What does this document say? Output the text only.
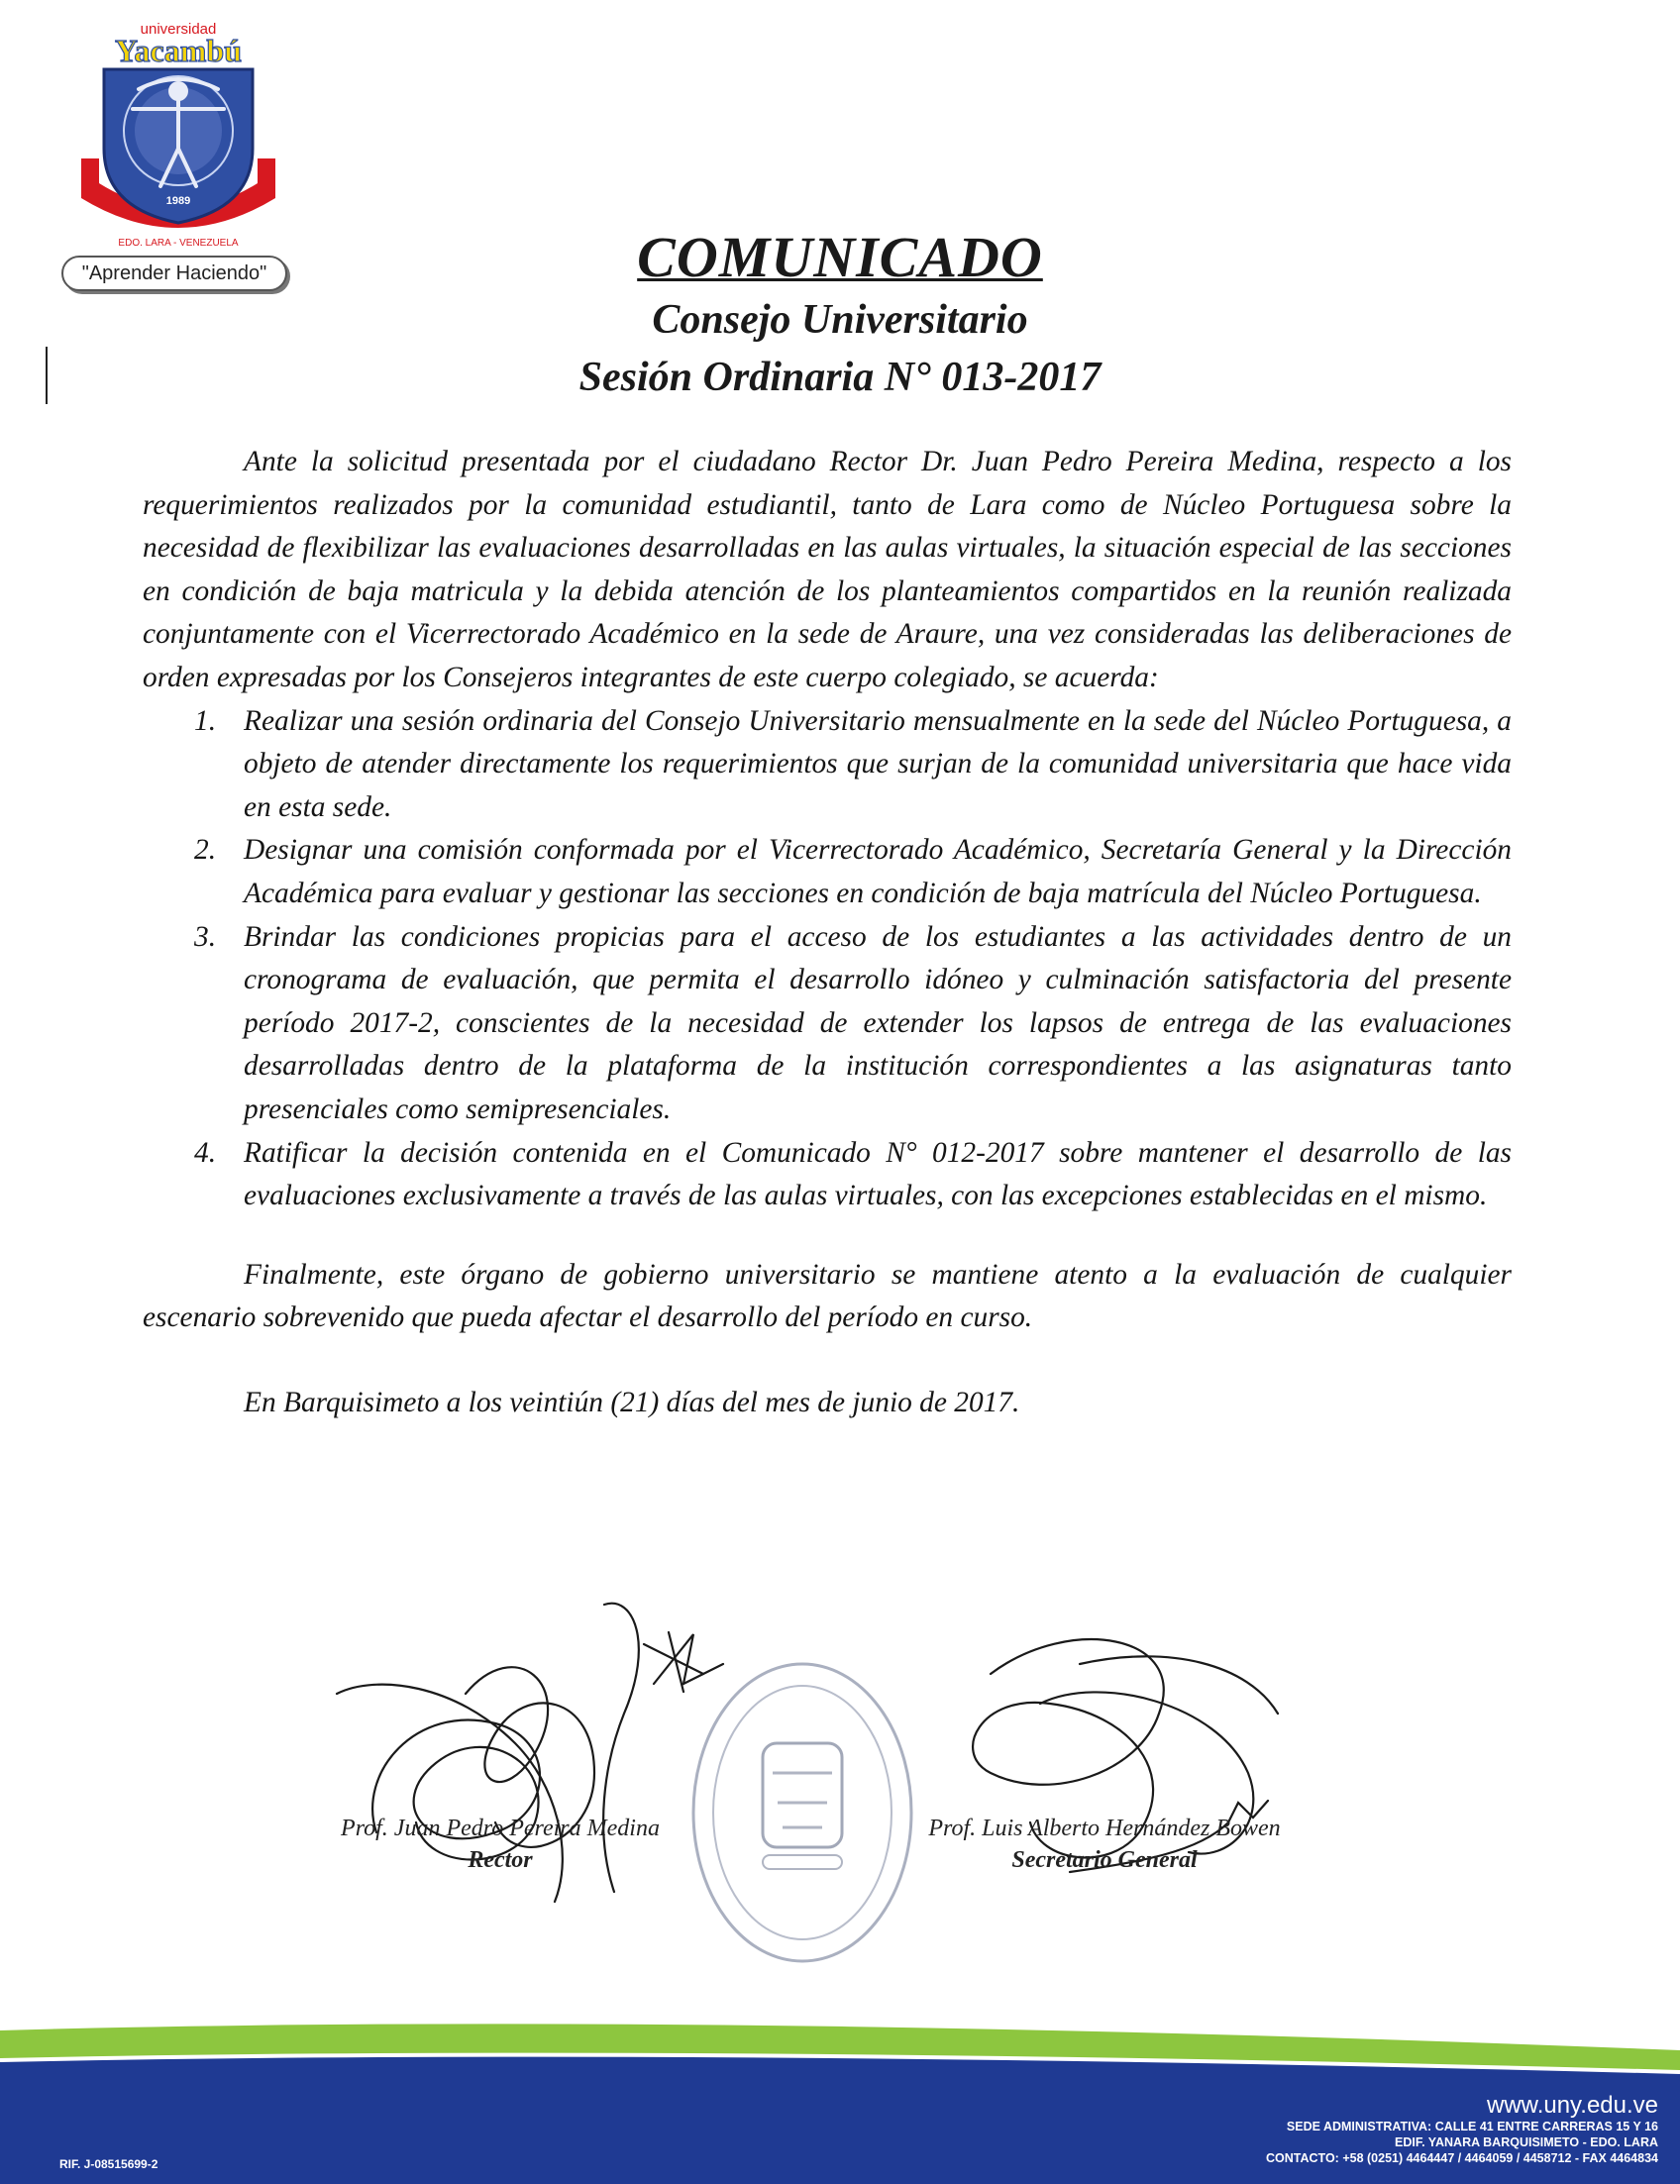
universidad
Yacambú
1989
EDO. LARA - VENEZUELA
"Aprender Haciendo"	COMUNICADO
Consejo Universitario
Sesión Ordinaria N° 013-2017

Ante la solicitud presentada por el ciudadano Rector Dr. Juan Pedro Pereira Medina, respecto a los requerimientos realizados por la comunidad estudiantil, tanto de Lara como de Núcleo Portuguesa sobre la necesidad de flexibilizar las evaluaciones desarrolladas en las aulas virtuales, la situación especial de las secciones en condición de baja matricula y la debida atención de los planteamientos compartidos en la reunión realizada conjuntamente con el Vicerrectorado Académico en la sede de Araure, una vez consideradas las deliberaciones de orden expresadas por los Consejeros integrantes de este cuerpo colegiado, se acuerda:

1. Realizar una sesión ordinaria del Consejo Universitario mensualmente en la sede del Núcleo Portuguesa, a objeto de atender directamente los requerimientos que surjan de la comunidad universitaria que hace vida en esta sede.
2. Designar una comisión conformada por el Vicerrectorado Académico, Secretaría General y la Dirección Académica para evaluar y gestionar las secciones en condición de baja matrícula del Núcleo Portuguesa.
3. Brindar las condiciones propicias para el acceso de los estudiantes a las actividades dentro de un cronograma de evaluación, que permita el desarrollo idóneo y culminación satisfactoria del presente período 2017-2, conscientes de la necesidad de extender los lapsos de entrega de las evaluaciones desarrolladas dentro de la plataforma de la institución correspondientes a las asignaturas tanto presenciales como semipresenciales.
4. Ratificar la decisión contenida en el Comunicado N° 012-2017 sobre mantener el desarrollo de las evaluaciones exclusivamente a través de las aulas virtuales, con las excepciones establecidas en el mismo.

Finalmente, este órgano de gobierno universitario se mantiene atento a la evaluación de cualquier escenario sobrevenido que pueda afectar el desarrollo del período en curso.

En Barquisimeto a los veintiún (21) días del mes de junio de 2017.

Prof. Juan Pedro Pereira Medina
Rector
Prof. Luis Alberto Hernández Bowen
Secretario General
www.uny.edu.ve
SEDE ADMINISTRATIVA: CALLE 41 ENTRE CARRERAS 15 Y 16
EDIF. YANARA BARQUISIMETO - EDO. LARA
CONTACTO: +58 (0251) 4464447 / 4464059 / 4458712 - FAX 4464834
RIF. J-08515699-2
